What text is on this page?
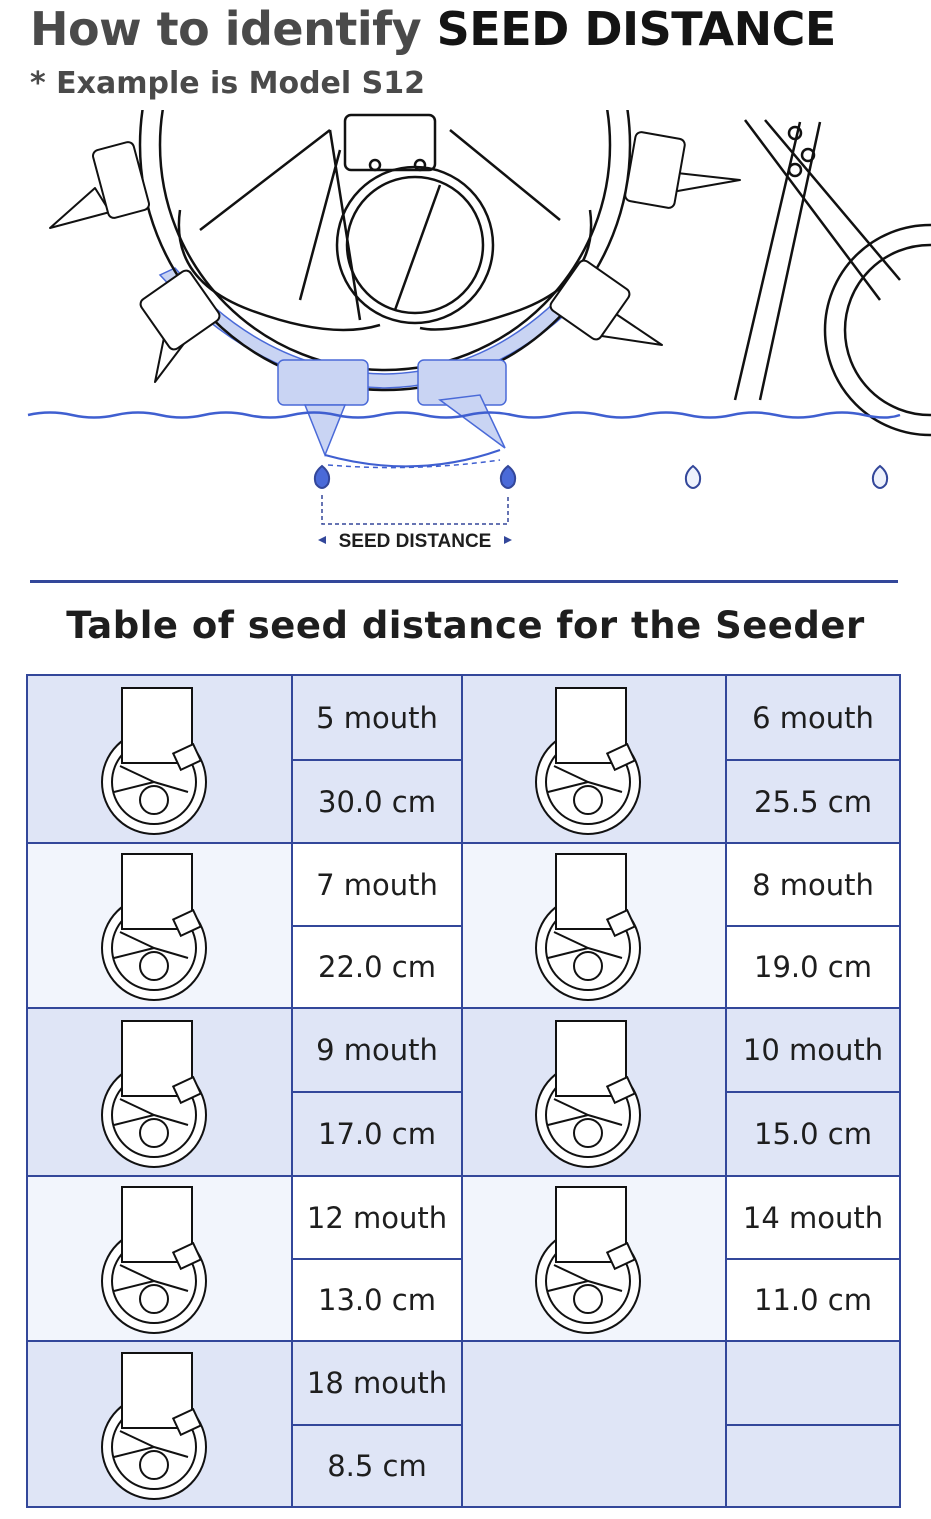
How to identify SEED DISTANCE
* Example is Model S12
SEED DISTANCE
Table of seed distance for the Seeder
	5 mouth		6 mouth
	30.0 cm		25.5 cm

	7 mouth		8 mouth
	22.0 cm		19.0 cm

	9 mouth		10 mouth
	17.0 cm		15.0 cm

	12 mouth		14 mouth
	13.0 cm		11.0 cm

	18 mouth		
	8.5 cm		
